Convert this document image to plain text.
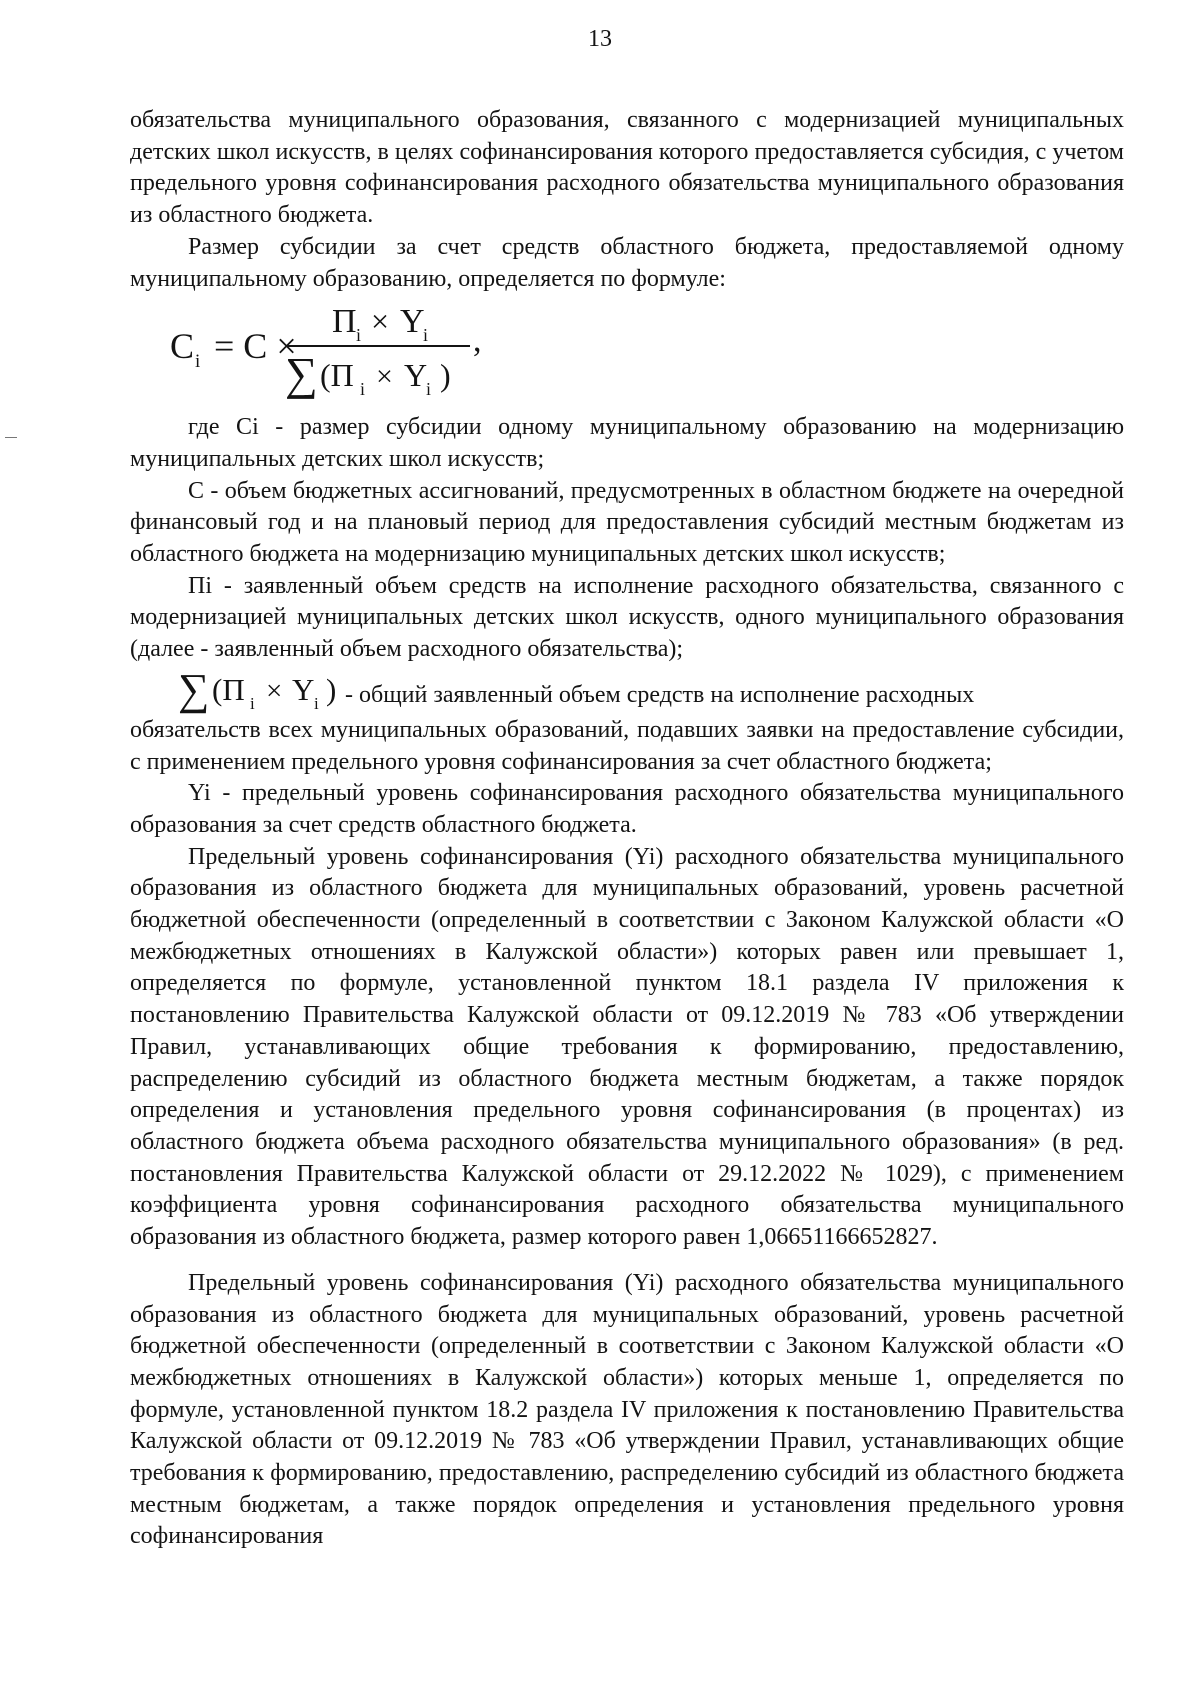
13

обязательства муниципального образования, связанного с модернизацией муниципальных детских школ искусств, в целях софинансирования которого предоставляется субсидия, с учетом предельного уровня софинансирования расходного обязательства муниципального образования из областного бюджета.

Размер субсидии за счет средств областного бюджета, предоставляемой одному муниципальному образованию, определяется по формуле:

C i = C ×
П i × Y
i
∑ (П i × Y
i )
,

где Ci - размер субсидии одному муниципальному образованию на модернизацию муниципальных детских школ искусств;

С - объем бюджетных ассигнований, предусмотренных в областном бюджете на очередной финансовый год и на плановый период для предоставления субсидий местным бюджетам из областного бюджета на модернизацию муниципальных детских школ искусств;

Пi - заявленный объем средств на исполнение расходного обязательства, связанного с модернизацией муниципальных детских школ искусств, одного муниципального образования (далее - заявленный объем расходного обязательства);

∑ (П i × Y i ) - общий заявленный объем средств на исполнение расходных

обязательств всех муниципальных образований, подавших заявки на предоставление субсидии, с применением предельного уровня софинансирования за счет областного бюджета;

Yi - предельный уровень софинансирования расходного обязательства муниципального образования за счет средств областного бюджета.

Предельный уровень софинансирования (Yi) расходного обязательства муниципального образования из областного бюджета для муниципальных образований, уровень расчетной бюджетной обеспеченности (определенный в соответствии с Законом Калужской области «О межбюджетных отношениях в Калужской области») которых равен или превышает 1, определяется по формуле, установленной пунктом 18.1 раздела IV приложения к постановлению Правительства Калужской области от 09.12.2019 № 783 «Об утверждении Правил, устанавливающих общие требования к формированию, предоставлению, распределению субсидий из областного бюджета местным бюджетам, а также порядок определения и установления предельного уровня софинансирования (в процентах) из областного бюджета объема расходного обязательства муниципального образования» (в ред. постановления Правительства Калужской области от 29.12.2022 № 1029), с применением коэффициента уровня софинансирования расходного обязательства муниципального образования из областного бюджета, размер которого равен 1,06651166652827.

Предельный уровень софинансирования (Yi) расходного обязательства муниципального образования из областного бюджета для муниципальных образований, уровень расчетной бюджетной обеспеченности (определенный в соответствии с Законом Калужской области «О межбюджетных отношениях в Калужской области») которых меньше 1, определяется по формуле, установленной пунктом 18.2 раздела IV приложения к постановлению Правительства Калужской области от 09.12.2019 № 783 «Об утверждении Правил, устанавливающих общие требования к формированию, предоставлению, распределению субсидий из областного бюджета местным бюджетам, а также порядок определения и установления предельного уровня софинансирования
